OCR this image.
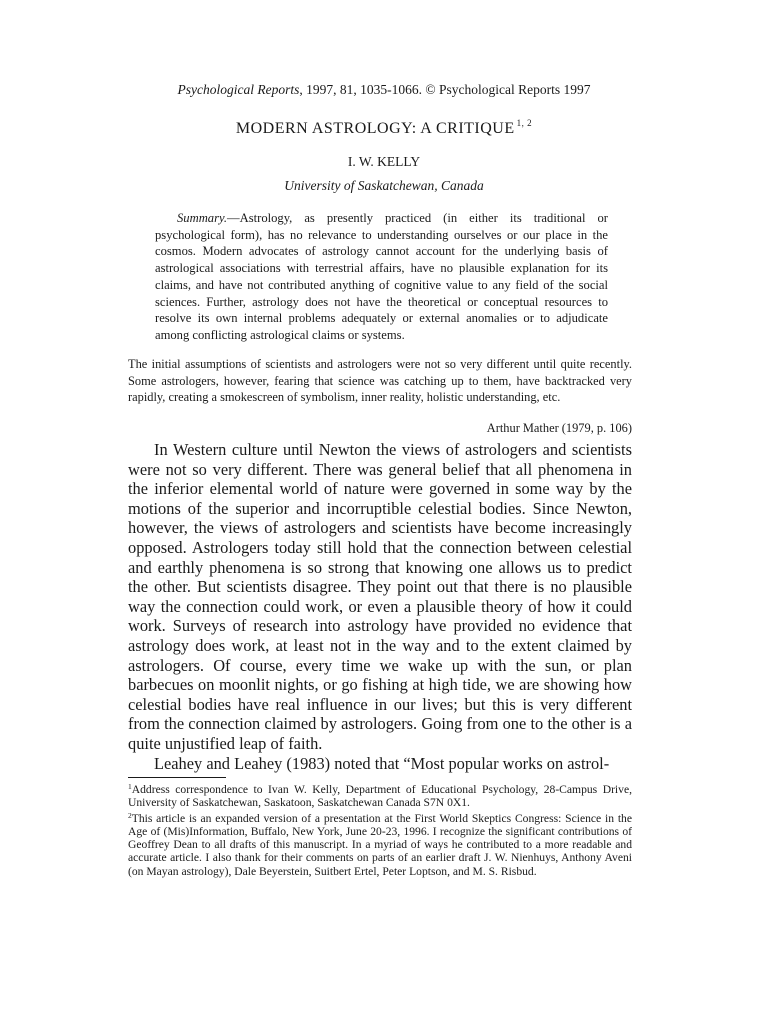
Psychological Reports, 1997, 81, 1035-1066. © Psychological Reports 1997
MODERN ASTROLOGY: A CRITIQUE $^{1, 2}$
I. W. KELLY
University of Saskatchewan, Canada
Summary.—Astrology, as presently practiced (in either its traditional or psychological form), has no relevance to understanding ourselves or our place in the cosmos. Modern advocates of astrology cannot account for the underlying basis of astrological associations with terrestrial affairs, have no plausible explanation for its claims, and have not contributed anything of cognitive value to any field of the social sciences. Further, astrology does not have the theoretical or conceptual resources to resolve its own internal problems adequately or external anomalies or to adjudicate among conflicting astrological claims or systems.
The initial assumptions of scientists and astrologers were not so very different until quite recently. Some astrologers, however, fearing that science was catching up to them, have backtracked very rapidly, creating a smokescreen of symbolism, inner reality, holistic understanding, etc.
Arthur Mather (1979, p. 106)

In Western culture until Newton the views of astrologers and scientists were not so very different. There was general belief that all phenomena in the inferior elemental world of nature were governed in some way by the motions of the superior and incorruptible celestial bodies. Since Newton, however, the views of astrologers and scientists have become increasingly opposed. Astrologers today still hold that the connection between celestial and earthly phenomena is so strong that knowing one allows us to predict the other. But scientists disagree. They point out that there is no plausible way the connection could work, or even a plausible theory of how it could work. Surveys of research into astrology have provided no evidence that astrology does work, at least not in the way and to the extent claimed by astrologers. Of course, every time we wake up with the sun, or plan barbecues on moonlit nights, or go fishing at high tide, we are showing how celestial bodies have real influence in our lives; but this is very different from the connection claimed by astrologers. Going from one to the other is a quite unjustified leap of faith.

Leahey and Leahey (1983) noted that “Most popular works on astrol-

$^1$Address correspondence to Ivan W. Kelly, Department of Educational Psychology, 28-Campus Drive, University of Saskatchewan, Saskatoon, Saskatchewan Canada S7N 0X1.

$^2$This article is an expanded version of a presentation at the First World Skeptics Congress: Science in the Age of (Mis)Information, Buffalo, New York, June 20-23, 1996. I recognize the significant contributions of Geoffrey Dean to all drafts of this manuscript. In a myriad of ways he contributed to a more readable and accurate article. I also thank for their comments on parts of an earlier draft J. W. Nienhuys, Anthony Aveni (on Mayan astrology), Dale Beyerstein, Suitbert Ertel, Peter Loptson, and M. S. Risbud.
